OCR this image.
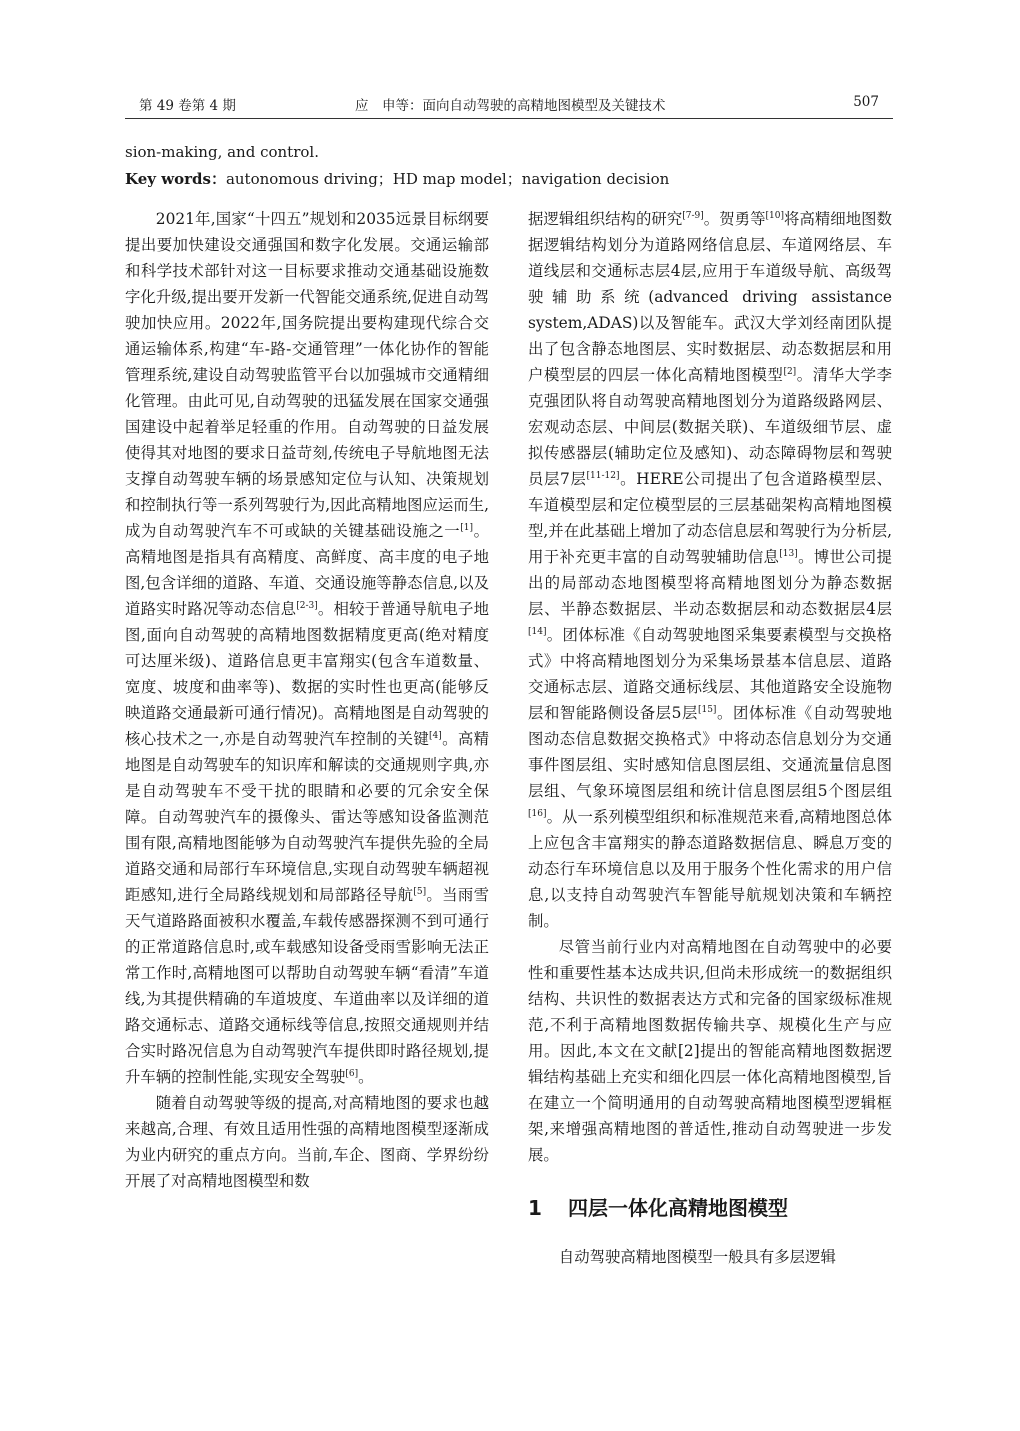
第 49 卷第 4 期	应　申等：面向自动驾驶的高精地图模型及关键技术	507
sion-making, and control.
Key words：autonomous driving；HD map model；navigation decision

2021年,国家“十四五”规划和2035远景目标纲要提出要加快建设交通强国和数字化发展。交通运输部和科学技术部针对这一目标要求推动交通基础设施数字化升级,提出要开发新一代智能交通系统,促进自动驾驶加快应用。2022年,国务院提出要构建现代综合交通运输体系,构建“车-路-交通管理”一体化协作的智能管理系统,建设自动驾驶监管平台以加强城市交通精细化管理。由此可见,自动驾驶的迅猛发展在国家交通强国建设中起着举足轻重的作用。自动驾驶的日益发展使得其对地图的要求日益苛刻,传统电子导航地图无法支撑自动驾驶车辆的场景感知定位与认知、决策规划和控制执行等一系列驾驶行为,因此高精地图应运而生,成为自动驾驶汽车不可或缺的关键基础设施之一[1]。高精地图是指具有高精度、高鲜度、高丰度的电子地图,包含详细的道路、车道、交通设施等静态信息,以及道路实时路况等动态信息[2-3]。相较于普通导航电子地图,面向自动驾驶的高精地图数据精度更高(绝对精度可达厘米级)、道路信息更丰富翔实(包含车道数量、宽度、坡度和曲率等)、数据的实时性也更高(能够反映道路交通最新可通行情况)。高精地图是自动驾驶的核心技术之一,亦是自动驾驶汽车控制的关键[4]。高精地图是自动驾驶车的知识库和解读的交通规则字典,亦是自动驾驶车不受干扰的眼睛和必要的冗余安全保障。自动驾驶汽车的摄像头、雷达等感知设备监测范围有限,高精地图能够为自动驾驶汽车提供先验的全局道路交通和局部行车环境信息,实现自动驾驶车辆超视距感知,进行全局路线规划和局部路径导航[5]。当雨雪天气道路路面被积水覆盖,车载传感器探测不到可通行的正常道路信息时,或车载感知设备受雨雪影响无法正常工作时,高精地图可以帮助自动驾驶车辆“看清”车道线,为其提供精确的车道坡度、车道曲率以及详细的道路交通标志、道路交通标线等信息,按照交通规则并结合实时路况信息为自动驾驶汽车提供即时路径规划,提升车辆的控制性能,实现安全驾驶[6]。

随着自动驾驶等级的提高,对高精地图的要求也越来越高,合理、有效且适用性强的高精地图模型逐渐成为业内研究的重点方向。当前,车企、图商、学界纷纷开展了对高精地图模型和数

据逻辑组织结构的研究[7-9]。贺勇等[10]将高精细地图数据逻辑结构划分为道路网络信息层、车道网络层、车道线层和交通标志层4层,应用于车道级导航、高级驾驶辅助系统(advanced driving assistance system,ADAS)以及智能车。武汉大学刘经南团队提出了包含静态地图层、实时数据层、动态数据层和用户模型层的四层一体化高精地图模型[2]。清华大学李克强团队将自动驾驶高精地图划分为道路级路网层、宏观动态层、中间层(数据关联)、车道级细节层、虚拟传感器层(辅助定位及感知)、动态障碍物层和驾驶员层7层[11-12]。HERE公司提出了包含道路模型层、车道模型层和定位模型层的三层基础架构高精地图模型,并在此基础上增加了动态信息层和驾驶行为分析层,用于补充更丰富的自动驾驶辅助信息[13]。博世公司提出的局部动态地图模型将高精地图划分为静态数据层、半静态数据层、半动态数据层和动态数据层4层[14]。团体标准《自动驾驶地图采集要素模型与交换格式》中将高精地图划分为采集场景基本信息层、道路交通标志层、道路交通标线层、其他道路安全设施物层和智能路侧设备层5层[15]。团体标准《自动驾驶地图动态信息数据交换格式》中将动态信息划分为交通事件图层组、实时感知信息图层组、交通流量信息图层组、气象环境图层组和统计信息图层组5个图层组[16]。从一系列模型组织和标准规范来看,高精地图总体上应包含丰富翔实的静态道路数据信息、瞬息万变的动态行车环境信息以及用于服务个性化需求的用户信息,以支持自动驾驶汽车智能导航规划决策和车辆控制。

尽管当前行业内对高精地图在自动驾驶中的必要性和重要性基本达成共识,但尚未形成统一的数据组织结构、共识性的数据表达方式和完备的国家级标准规范,不利于高精地图数据传输共享、规模化生产与应用。因此,本文在文献[2]提出的智能高精地图数据逻辑结构基础上充实和细化四层一体化高精地图模型,旨在建立一个简明通用的自动驾驶高精地图模型逻辑框架,来增强高精地图的普适性,推动自动驾驶进一步发展。

1 四层一体化高精地图模型

自动驾驶高精地图模型一般具有多层逻辑
